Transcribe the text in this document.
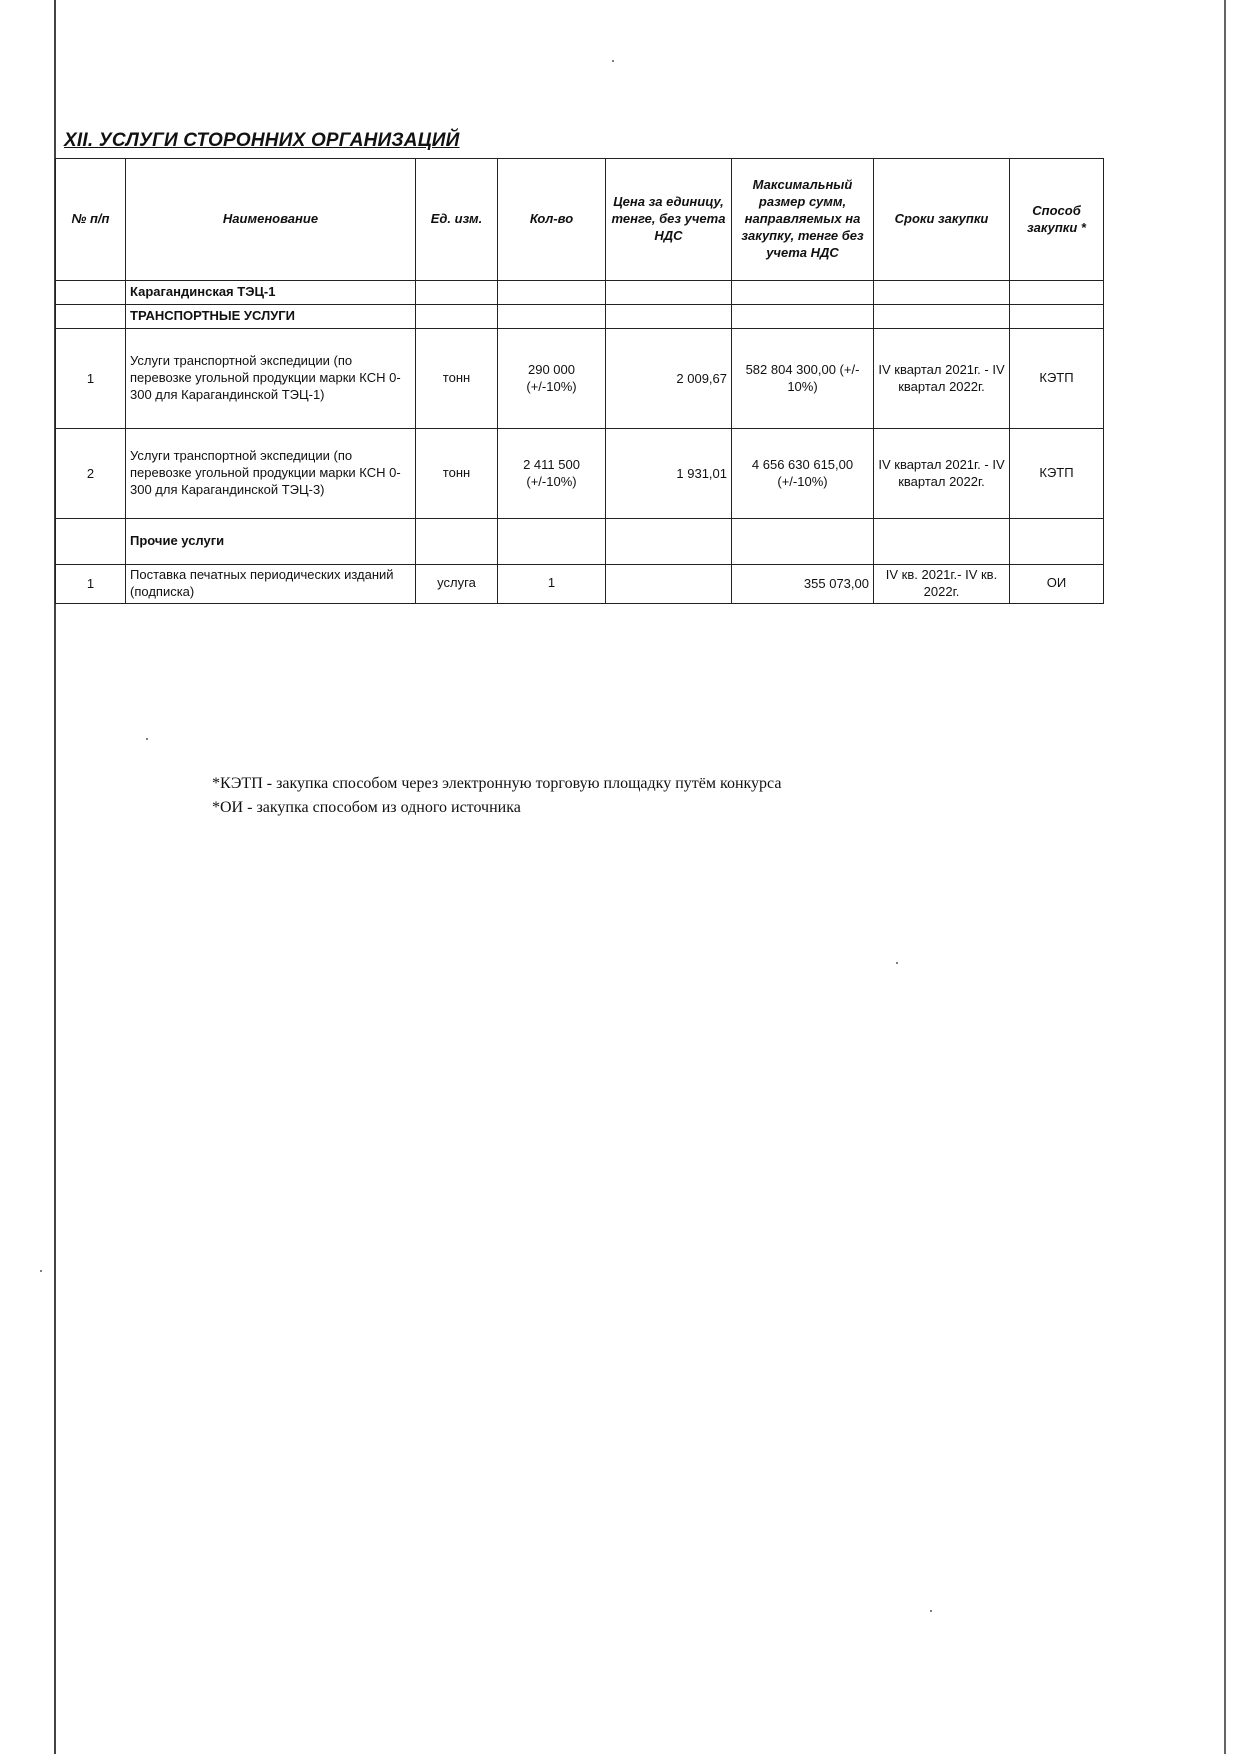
XII. УСЛУГИ СТОРОННИХ ОРГАНИЗАЦИЙ
№ п/п	Наименование	Ед. изм.	Кол-во	Цена за единицу, тенге, без учета НДС	Максимальный размер сумм, направляемых на закупку, тенге без учета НДС	Сроки закупки	Способ закупки *
	Карагандинская ТЭЦ-1						
	ТРАНСПОРТНЫЕ УСЛУГИ						
1	Услуги транспортной экспедиции (по перевозке угольной продукции марки КСН 0-300 для Карагандинской ТЭЦ-1)	тонн	290 000 (+/-10%)	2 009,67	582 804 300,00 (+/- 10%)	IV квартал 2021г. - IV квартал 2022г.	КЭТП
2	Услуги транспортной экспедиции (по перевозке угольной продукции марки КСН 0-300 для Карагандинской ТЭЦ-3)	тонн	2 411 500 (+/-10%)	1 931,01	4 656 630 615,00 (+/-10%)	IV квартал 2021г. - IV квартал 2022г.	КЭТП
	Прочие услуги						
1	Поставка печатных периодических изданий (подписка)	услуга	1		355 073,00	IV кв. 2021г.- IV кв. 2022г.	ОИ

*КЭТП - закупка способом через электронную торговую площадку путём конкурса

*ОИ - закупка способом из одного источника
